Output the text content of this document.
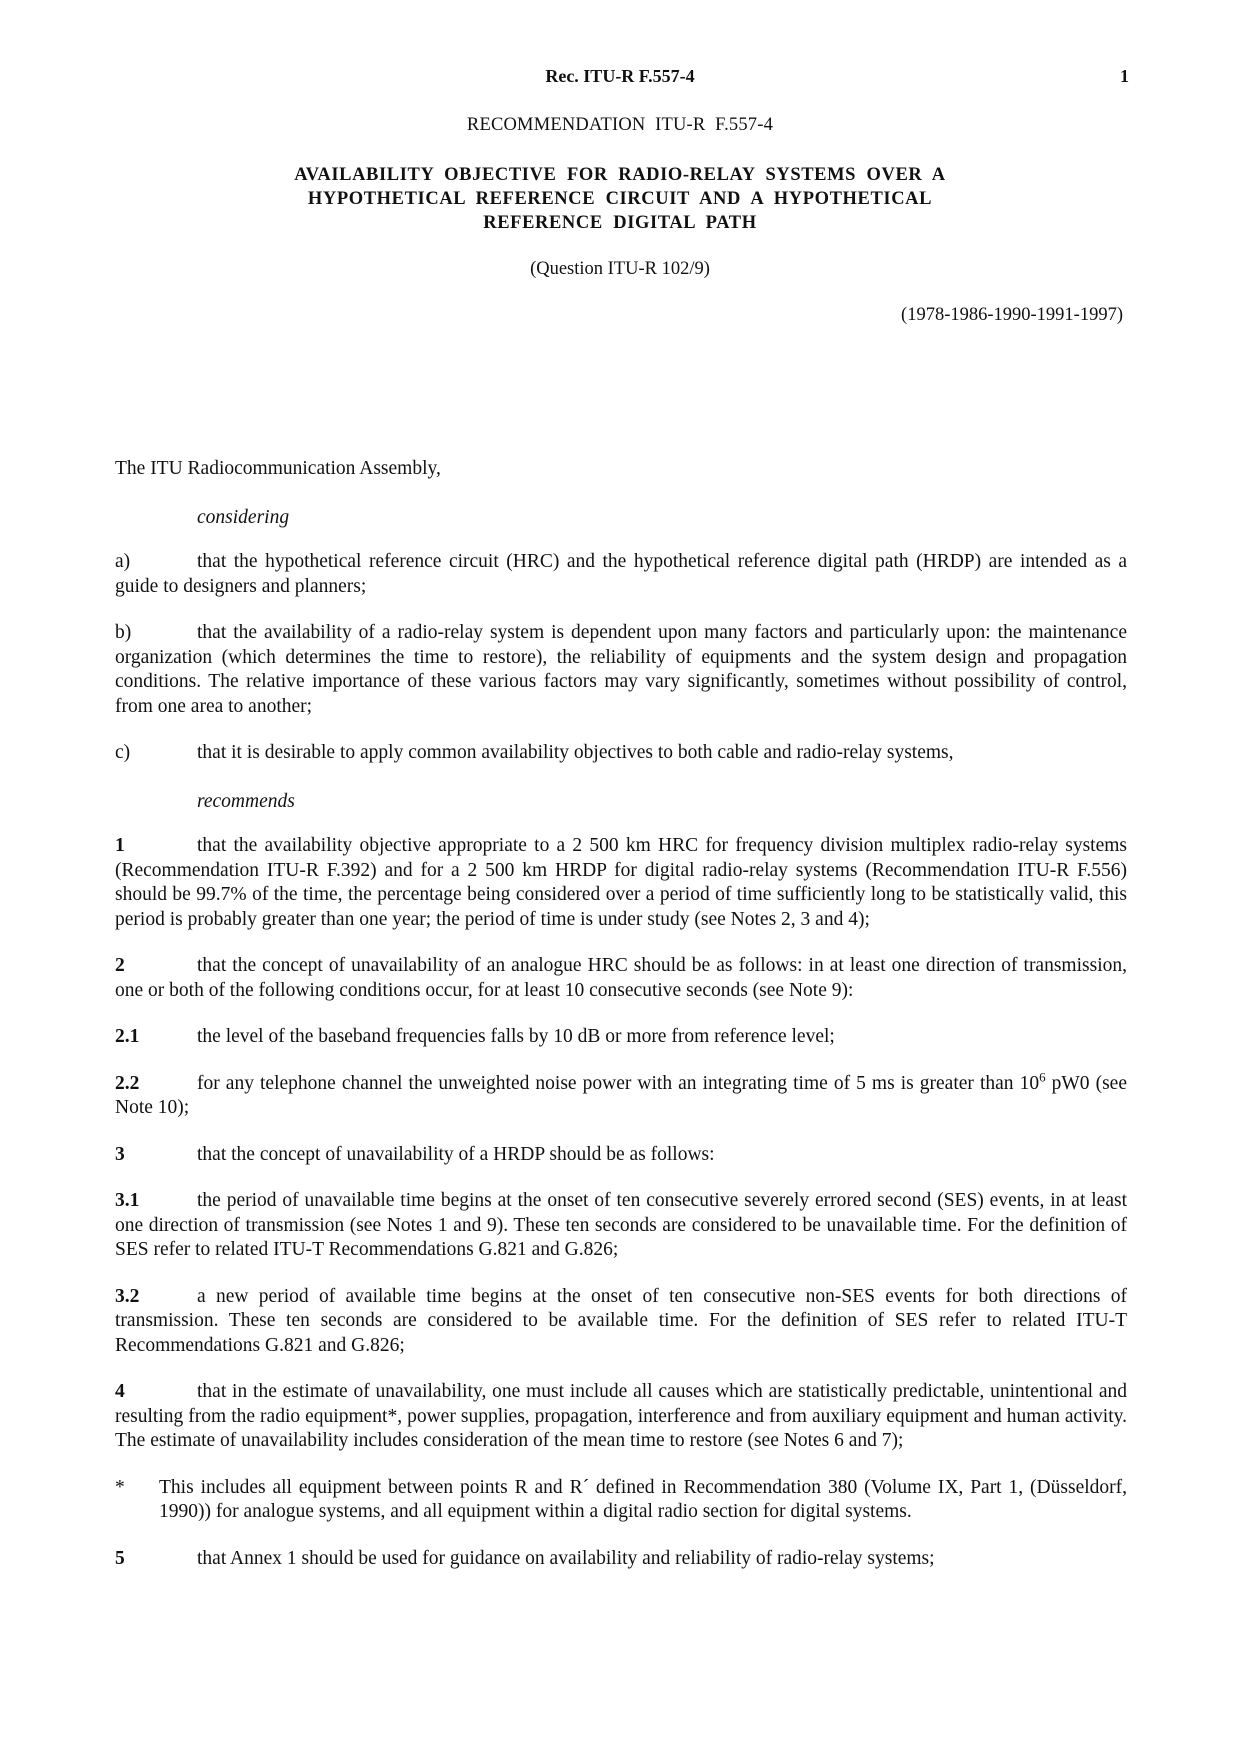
Rec. ITU-R F.557-4	1
RECOMMENDATION  ITU-R  F.557-4
AVAILABILITY  OBJECTIVE  FOR  RADIO-RELAY  SYSTEMS  OVER  A
HYPOTHETICAL  REFERENCE  CIRCUIT  AND  A  HYPOTHETICAL
REFERENCE  DIGITAL  PATH
(Question ITU-R 102/9)
(1978-1986-1990-1991-1997)

The ITU Radiocommunication Assembly,

considering

a)	that the hypothetical reference circuit (HRC) and the hypothetical reference digital path (HRDP) are intended as a guide to designers and planners;

b)	that the availability of a radio-relay system is dependent upon many factors and particularly upon: the maintenance organization (which determines the time to restore), the reliability of equipments and the system design and propagation conditions. The relative importance of these various factors may vary significantly, sometimes without possibility of control, from one area to another;

c)	that it is desirable to apply common availability objectives to both cable and radio-relay systems,

recommends

1	that the availability objective appropriate to a 2 500 km HRC for frequency division multiplex radio-relay systems (Recommendation ITU-R F.392) and for a 2 500 km HRDP for digital radio-relay systems (Recommendation ITU-R F.556) should be 99.7% of the time, the percentage being considered over a period of time sufficiently long to be statistically valid, this period is probably greater than one year; the period of time is under study (see Notes 2, 3 and 4);

2	that the concept of unavailability of an analogue HRC should be as follows: in at least one direction of transmission, one or both of the following conditions occur, for at least 10 consecutive seconds (see Note 9):

2.1	the level of the baseband frequencies falls by 10 dB or more from reference level;

2.2	for any telephone channel the unweighted noise power with an integrating time of 5 ms is greater than $10^6$ pW0 (see Note 10);

3	that the concept of unavailability of a HRDP should be as follows:

3.1	the period of unavailable time begins at the onset of ten consecutive severely errored second (SES) events, in at least one direction of transmission (see Notes 1 and 9). These ten seconds are considered to be unavailable time. For the definition of SES refer to related ITU-T Recommendations G.821 and G.826;

3.2	a new period of available time begins at the onset of ten consecutive non-SES events for both directions of transmission. These ten seconds are considered to be available time. For the definition of SES refer to related ITU-T Recommendations G.821 and G.826;

4	that in the estimate of unavailability, one must include all causes which are statistically predictable, unintentional and resulting from the radio equipment*, power supplies, propagation, interference and from auxiliary equipment and human activity. The estimate of unavailability includes consideration of the mean time to restore (see Notes 6 and 7);

*	This includes all equipment between points R and R´ defined in Recommendation 380 (Volume IX, Part 1, (Düsseldorf, 1990)) for analogue systems, and all equipment within a digital radio section for digital systems.

5	that Annex 1 should be used for guidance on availability and reliability of radio-relay systems;
